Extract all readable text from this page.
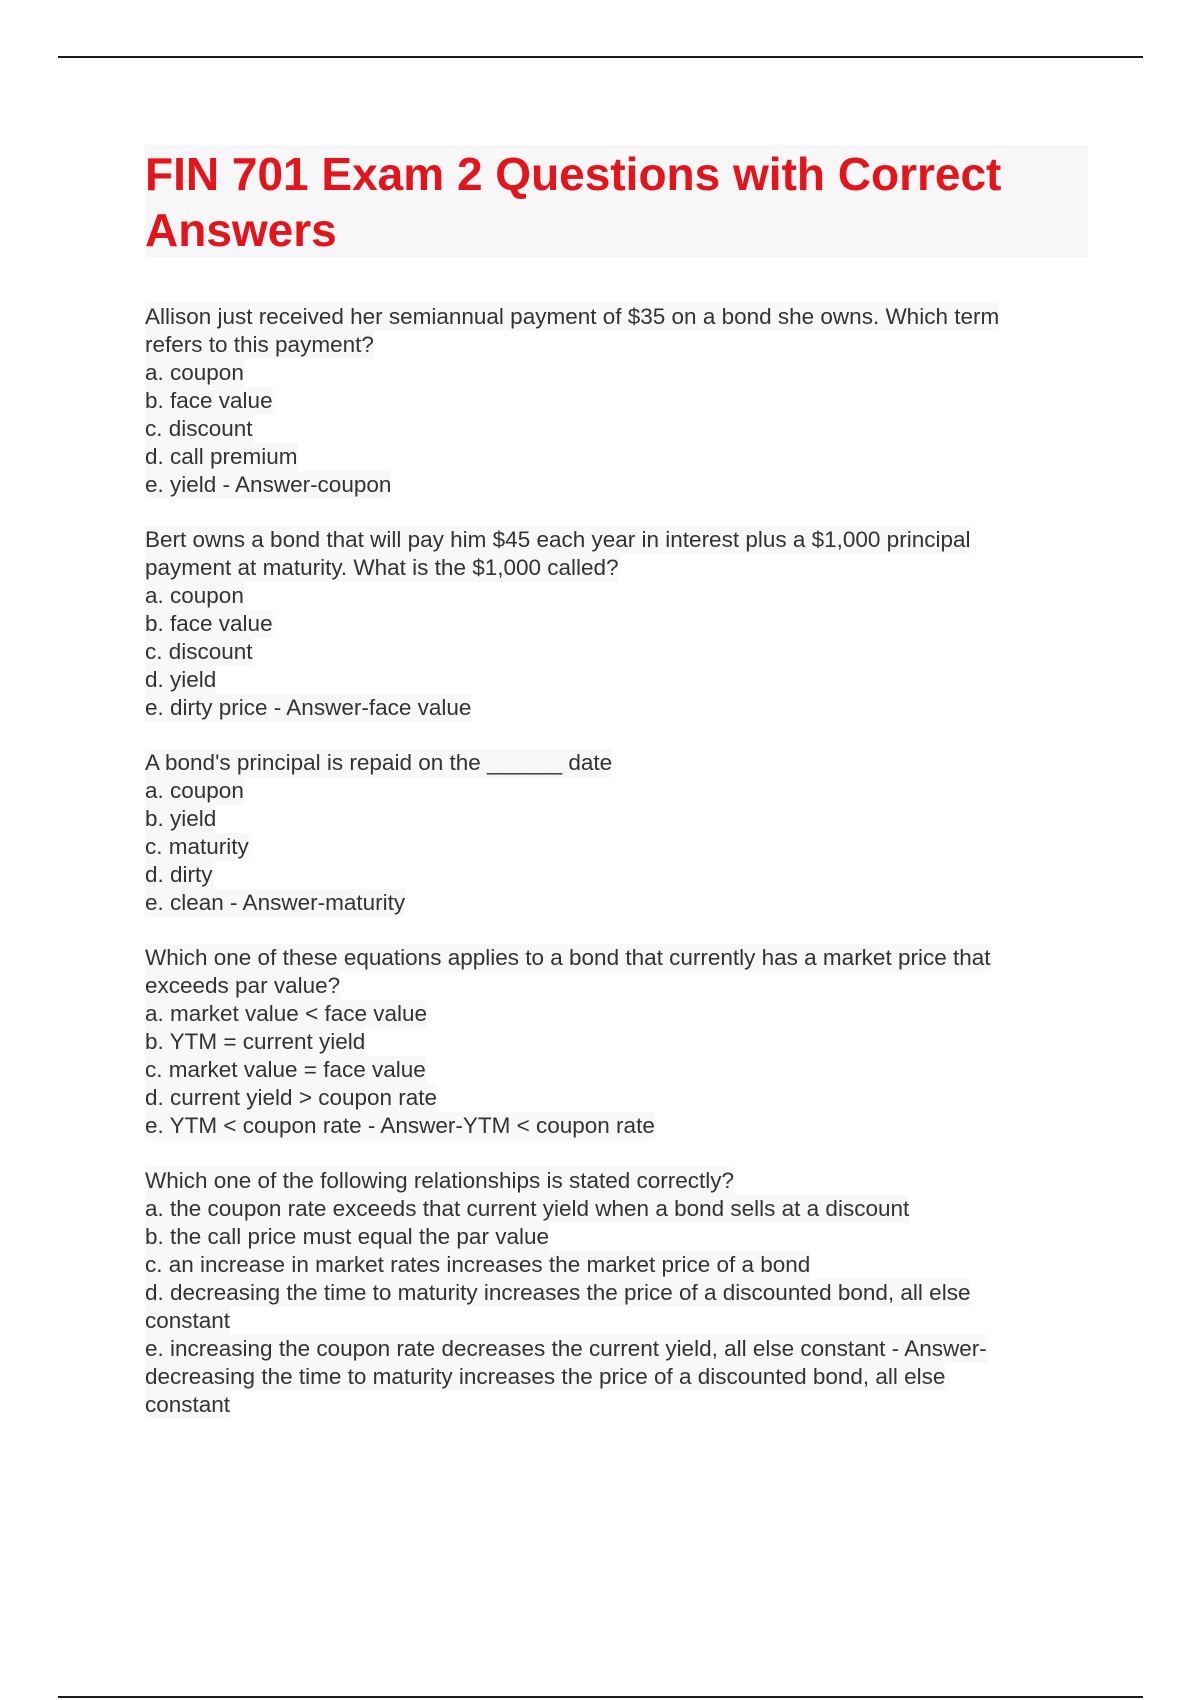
FIN 701 Exam 2 Questions with Correct Answers
Allison just received her semiannual payment of $35 on a bond she owns. Which term
refers to this payment?
a. coupon
b. face value
c. discount
d. call premium
e. yield - Answer-coupon
Bert owns a bond that will pay him $45 each year in interest plus a $1,000 principal
payment at maturity. What is the $1,000 called?
a. coupon
b. face value
c. discount
d. yield
e. dirty price - Answer-face value
A bond's principal is repaid on the ______ date
a. coupon
b. yield
c. maturity
d. dirty
e. clean - Answer-maturity
Which one of these equations applies to a bond that currently has a market price that
exceeds par value?
a. market value < face value
b. YTM = current yield
c. market value = face value
d. current yield > coupon rate
e. YTM < coupon rate - Answer-YTM < coupon rate
Which one of the following relationships is stated correctly?
a. the coupon rate exceeds that current yield when a bond sells at a discount
b. the call price must equal the par value
c. an increase in market rates increases the market price of a bond
d. decreasing the time to maturity increases the price of a discounted bond, all else
constant
e. increasing the coupon rate decreases the current yield, all else constant - Answer-
decreasing the time to maturity increases the price of a discounted bond, all else
constant
